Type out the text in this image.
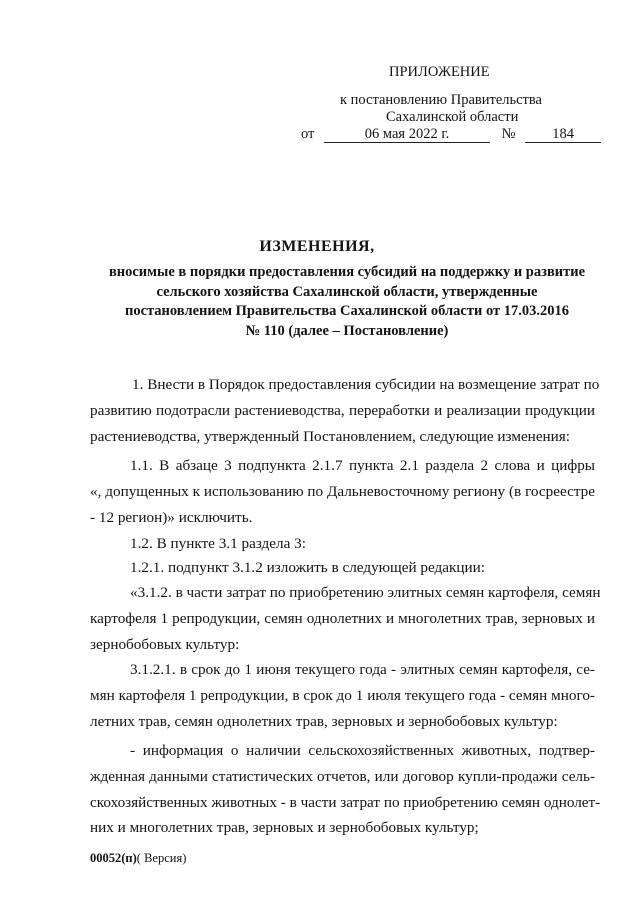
ПРИЛОЖЕНИЕ
к постановлению Правительства
Сахалинской области
от	06 мая 2022 г.	№	184
ИЗМЕНЕНИЯ,
вносимые в порядки предоставления субсидий на поддержку и развитие
сельского хозяйства Сахалинской области, утвержденные
постановлением Правительства Сахалинской области от 17.03.2016
№ 110 (далее – Постановление)
1. Внести в Порядок предоставления субсидии на возмещение затрат по
развитию подотрасли растениеводства, переработки и реализации продукции
растениеводства, утвержденный Постановлением, следующие изменения:
1.1. В абзаце 3 подпункта 2.1.7 пункта 2.1 раздела 2 слова и цифры
«, допущенных к использованию по Дальневосточному региону (в госреестре
- 12 регион)» исключить.
1.2. В пункте 3.1 раздела 3:
1.2.1. подпункт 3.1.2 изложить в следующей редакции:
«3.1.2. в части затрат по приобретению элитных семян картофеля, семян
картофеля 1 репродукции, семян однолетних и многолетних трав, зерновых и
зернобобовых культур:
3.1.2.1. в срок до 1 июня текущего года - элитных семян картофеля, се-
мян картофеля 1 репродукции, в срок до 1 июля текущего года - семян много-
летних трав, семян однолетних трав, зерновых и зернобобовых культур:
- информация о наличии сельскохозяйственных животных, подтвер-
жденная данными статистических отчетов, или договор купли-продажи сель-
скохозяйственных животных - в части затрат по приобретению семян однолет-
них и многолетних трав, зерновых и зернобобовых культур;
00052(п)( Версия)
